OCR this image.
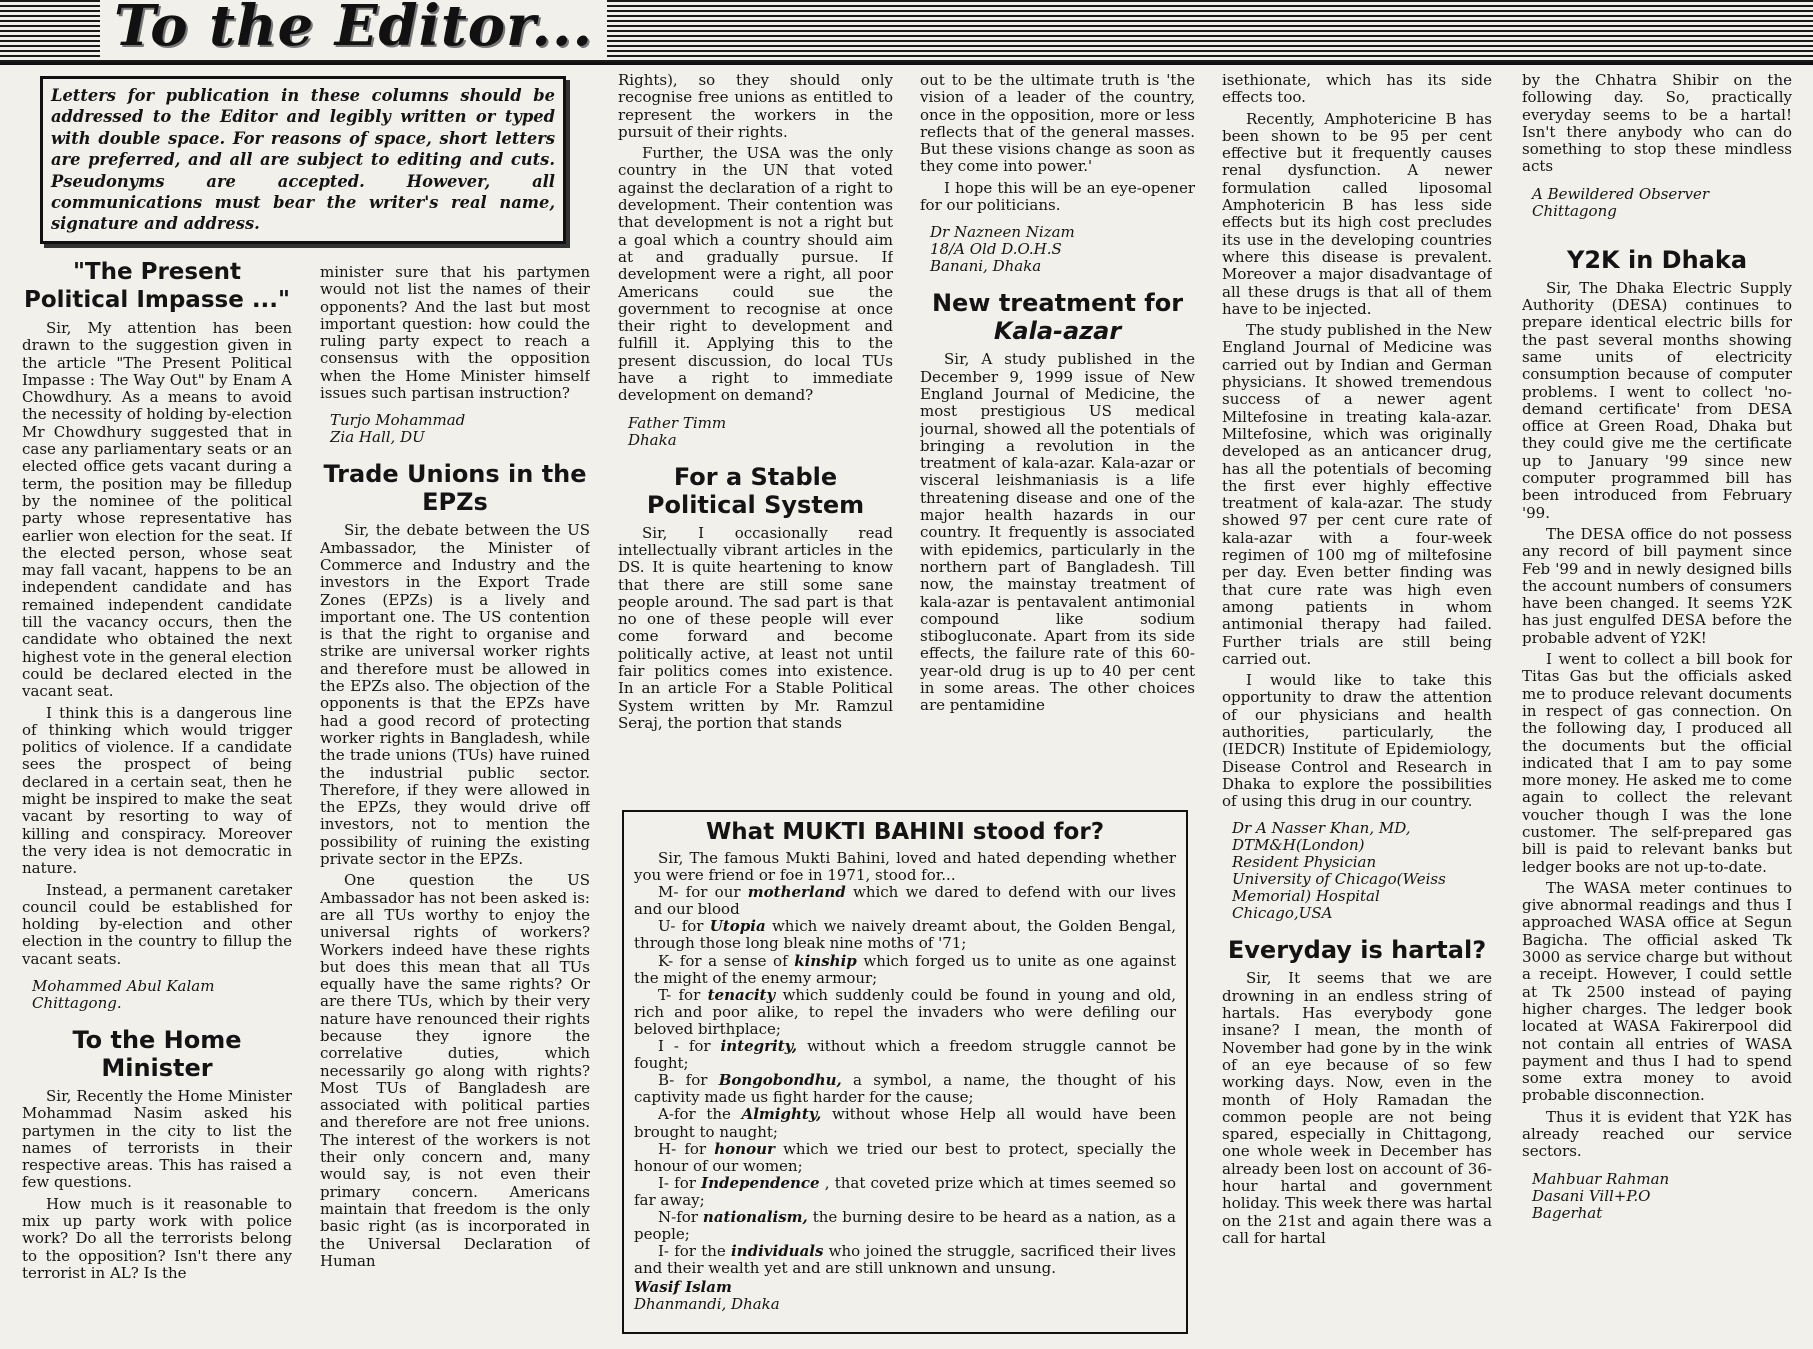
To the Editor...
Letters for publication in these columns should be addressed to the Editor and legibly written or typed with double space. For reasons of space, short letters are preferred, and all are subject to editing and cuts. Pseudonyms are accepted. However, all communications must bear the writer's real name, signature and address.
"The Present Political Impasse ..."

Sir, My attention has been drawn to the suggestion given in the article "The Present Political Impasse : The Way Out" by Enam A Chowdhury. As a means to avoid the necessity of holding by-election Mr Chowdhury suggested that in case any parliamentary seats or an elected office gets vacant during a term, the position may be filledup by the nominee of the political party whose representative has earlier won election for the seat. If the elected person, whose seat may fall vacant, happens to be an independent candidate and has remained independent candidate till the vacancy occurs, then the candidate who obtained the next highest vote in the general election could be declared elected in the vacant seat.

I think this is a dangerous line of thinking which would trigger politics of violence. If a candidate sees the prospect of being declared in a certain seat, then he might be inspired to make the seat vacant by resorting to way of killing and conspiracy. Moreover the very idea is not democratic in nature.

Instead, a permanent caretaker council could be established for holding by-election and other election in the country to fillup the vacant seats.

Mohammed Abul Kalam
Chittagong.
To the Home Minister

Sir, Recently the Home Minister Mohammad Nasim asked his partymen in the city to list the names of terrorists in their respective areas. This has raised a few questions.

How much is it reasonable to mix up party work with police work? Do all the terrorists belong to the opposition? Isn't there any terrorist in AL? Is the

minister sure that his partymen would not list the names of their opponents? And the last but most important question: how could the ruling party expect to reach a consensus with the opposition when the Home Minister himself issues such partisan instruction?

Turjo Mohammad
Zia Hall, DU
Trade Unions in the EPZs

Sir, the debate between the US Ambassador, the Minister of Commerce and Industry and the investors in the Export Trade Zones (EPZs) is a lively and important one. The US contention is that the right to organise and strike are universal worker rights and therefore must be allowed in the EPZs also. The objection of the opponents is that the EPZs have had a good record of protecting worker rights in Bangladesh, while the trade unions (TUs) have ruined the industrial public sector. Therefore, if they were allowed in the EPZs, they would drive off investors, not to mention the possibility of ruining the existing private sector in the EPZs.

One question the US Ambassador has not been asked is: are all TUs worthy to enjoy the universal rights of workers? Workers indeed have these rights but does this mean that all TUs equally have the same rights? Or are there TUs, which by their very nature have renounced their rights because they ignore the correlative duties, which necessarily go along with rights? Most TUs of Bangladesh are associated with political parties and therefore are not free unions. The interest of the workers is not their only concern and, many would say, is not even their primary concern. Americans maintain that freedom is the only basic right (as is incorporated in the Universal Declaration of Human

Rights), so they should only recognise free unions as entitled to represent the workers in the pursuit of their rights.

Further, the USA was the only country in the UN that voted against the declaration of a right to development. Their contention was that development is not a right but a goal which a country should aim at and gradually pursue. If development were a right, all poor Americans could sue the government to recognise at once their right to development and fulfill it. Applying this to the present discussion, do local TUs have a right to immediate development on demand?

Father Timm
Dhaka
For a Stable Political System

Sir, I occasionally read intellectually vibrant articles in the DS. It is quite heartening to know that there are still some sane people around. The sad part is that no one of these people will ever come forward and become politically active, at least not until fair politics comes into existence. In an article For a Stable Political System written by Mr. Ramzul Seraj, the portion that stands

out to be the ultimate truth is 'the vision of a leader of the country, once in the opposition, more or less reflects that of the general masses. But these visions change as soon as they come into power.'

I hope this will be an eye-opener for our politicians.

Dr Nazneen Nizam
18/A Old D.O.H.S
Banani, Dhaka
New treatment for
Kala-azar

Sir, A study published in the December 9, 1999 issue of New England Journal of Medicine, the most prestigious US medical journal, showed all the potentials of bringing a revolution in the treatment of kala-azar. Kala-azar or visceral leishmaniasis is a life threatening disease and one of the major health hazards in our country. It frequently is associated with epidemics, particularly in the northern part of Bangladesh. Till now, the mainstay treatment of kala-azar is pentavalent antimonial compound like sodium stibogluconate. Apart from its side effects, the failure rate of this 60-year-old drug is up to 40 per cent in some areas. The other choices are pentamidine

isethionate, which has its side effects too.

Recently, Amphotericine B has been shown to be 95 per cent effective but it frequently causes renal dysfunction. A newer formulation called liposomal Amphotericin B has less side effects but its high cost precludes its use in the developing countries where this disease is prevalent. Moreover a major disadvantage of all these drugs is that all of them have to be injected.

The study published in the New England Journal of Medicine was carried out by Indian and German physicians. It showed tremendous success of a newer agent Miltefosine in treating kala-azar. Miltefosine, which was originally developed as an anticancer drug, has all the potentials of becoming the first ever highly effective treatment of kala-azar. The study showed 97 per cent cure rate of kala-azar with a four-week regimen of 100 mg of miltefosine per day. Even better finding was that cure rate was high even among patients in whom antimonial therapy had failed. Further trials are still being carried out.

I would like to take this opportunity to draw the attention of our physicians and health authorities, particularly, the (IEDCR) Institute of Epidemiology, Disease Control and Research in Dhaka to explore the possibilities of using this drug in our country.

Dr A Nasser Khan, MD,
DTM&H(London)
Resident Physician
University of Chicago(Weiss
Memorial) Hospital
Chicago,USA
Everyday is hartal?

Sir, It seems that we are drowning in an endless string of hartals. Has everybody gone insane? I mean, the month of November had gone by in the wink of an eye because of so few working days. Now, even in the month of Holy Ramadan the common people are not being spared, especially in Chittagong, one whole week in December has already been lost on account of 36-hour hartal and government holiday. This week there was hartal on the 21st and again there was a call for hartal

by the Chhatra Shibir on the following day. So, practically everyday seems to be a hartal! Isn't there anybody who can do something to stop these mindless acts

A Bewildered Observer
Chittagong
Y2K in Dhaka

Sir, The Dhaka Electric Supply Authority (DESA) continues to prepare identical electric bills for the past several months showing same units of electricity consumption because of computer problems. I went to collect 'no-demand certificate' from DESA office at Green Road, Dhaka but they could give me the certificate up to January '99 since new computer programmed bill has been introduced from February '99.

The DESA office do not possess any record of bill payment since Feb '99 and in newly designed bills the account numbers of consumers have been changed. It seems Y2K has just engulfed DESA before the probable advent of Y2K!

I went to collect a bill book for Titas Gas but the officials asked me to produce relevant documents in respect of gas connection. On the following day, I produced all the documents but the official indicated that I am to pay some more money. He asked me to come again to collect the relevant voucher though I was the lone customer. The self-prepared gas bill is paid to relevant banks but ledger books are not up-to-date.

The WASA meter continues to give abnormal readings and thus I approached WASA office at Segun Bagicha. The official asked Tk 3000 as service charge but without a receipt. However, I could settle at Tk 2500 instead of paying higher charges. The ledger book located at WASA Fakirerpool did not contain all entries of WASA payment and thus I had to spend some extra money to avoid probable disconnection.

Thus it is evident that Y2K has already reached our service sectors.

Mahbuar Rahman
Dasani Vill+P.O
Bagerhat
What MUKTI BAHINI stood for?

Sir, The famous Mukti Bahini, loved and hated depending whether you were friend or foe in 1971, stood for...

M- for our motherland which we dared to defend with our lives and our blood

U- for Utopia which we naively dreamt about, the Golden Bengal, through those long bleak nine moths of '71;

K- for a sense of kinship which forged us to unite as one against the might of the enemy armour;

T- for tenacity which suddenly could be found in young and old, rich and poor alike, to repel the invaders who were defiling our beloved birthplace;

I - for integrity, without which a freedom struggle cannot be fought;

B- for Bongobondhu, a symbol, a name, the thought of his captivity made us fight harder for the cause;

A-for the Almighty, without whose Help all would have been brought to naught;

H- for honour which we tried our best to protect, specially the honour of our women;

I- for Independence , that coveted prize which at times seemed so far away;

N-for nationalism, the burning desire to be heard as a nation, as a people;

I- for the individuals who joined the struggle, sacrificed their lives and their wealth yet and are still unknown and unsung.

Wasif Islam
Dhanmandi, Dhaka
